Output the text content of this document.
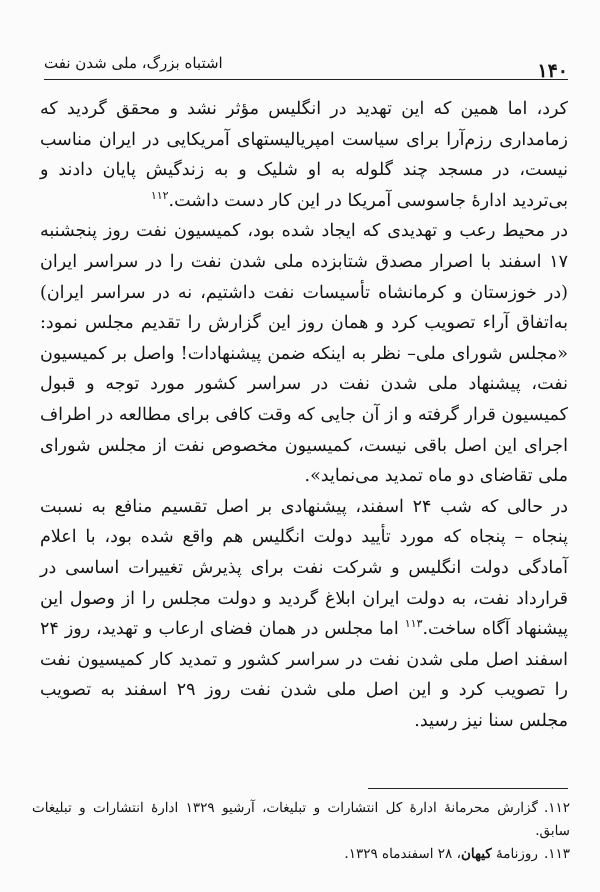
۱۴۰
اشتباه بزرگ، ملی شدن نفت

کرد، اما همین که این تهدید در انگلیس مؤثر نشد و محقق گردید که زمامداری رزم‌آرا برای سیاست امپریالیستهای آمریکایی در ایران مناسب نیست، در مسجد چند گلوله به او شلیک و به زندگیش پایان دادند و بی‌تردید ادارهٔ جاسوسی آمریکا در این کار دست داشت.$^{۱۱۲}$

در محیط رعب و تهدیدی که ایجاد شده بود، کمیسیون نفت روز پنجشنبه ۱۷ اسفند با اصرار مصدق شتابزده ملی شدن نفت را در سراسر ایران (در خوزستان و کرمانشاه تأسیسات نفت داشتیم، نه در سراسر ایران) به‌اتفاق آراء تصویب کرد و همان روز این گزارش را تقدیم مجلس نمود: «مجلس شورای ملی– نظر به اینکه ضمن پیشنهادات! واصل بر کمیسیون نفت، پیشنهاد ملی شدن نفت در سراسر کشور مورد توجه و قبول کمیسیون قرار گرفته و از آن جایی که وقت کافی برای مطالعه در اطراف اجرای این اصل باقی نیست، کمیسیون مخصوص نفت از مجلس شورای ملی تقاضای دو ماه تمدید می‌نماید».

در حالی که شب ۲۴ اسفند، پیشنهادی بر اصل تقسیم منافع به نسبت پنجاه – پنجاه که مورد تأیید دولت انگلیس هم واقع شده بود، با اعلام آمادگی دولت انگلیس و شرکت نفت برای پذیرش تغییرات اساسی در قرارداد نفت، به دولت ایران ابلاغ گردید و دولت مجلس را از وصول این پیشنهاد آگاه ساخت.$^{۱۱۳}$ اما مجلس در همان فضای ارعاب و تهدید، روز ۲۴ اسفند اصل ملی شدن نفت در سراسر کشور و تمدید کار کمیسیون نفت را تصویب کرد و این اصل ملی شدن نفت روز ۲۹ اسفند به تصویب مجلس سنا نیز رسید.

۱۱۲.گزارش محرمانهٔ ادارهٔ کل انتشارات و تبلیغات، آرشیو ۱۳۲۹ ادارهٔ انتشارات و تبلیغات سابق.

۱۱۳.روزنامهٔ کیهان، ۲۸ اسفندماه ۱۳۲۹.
